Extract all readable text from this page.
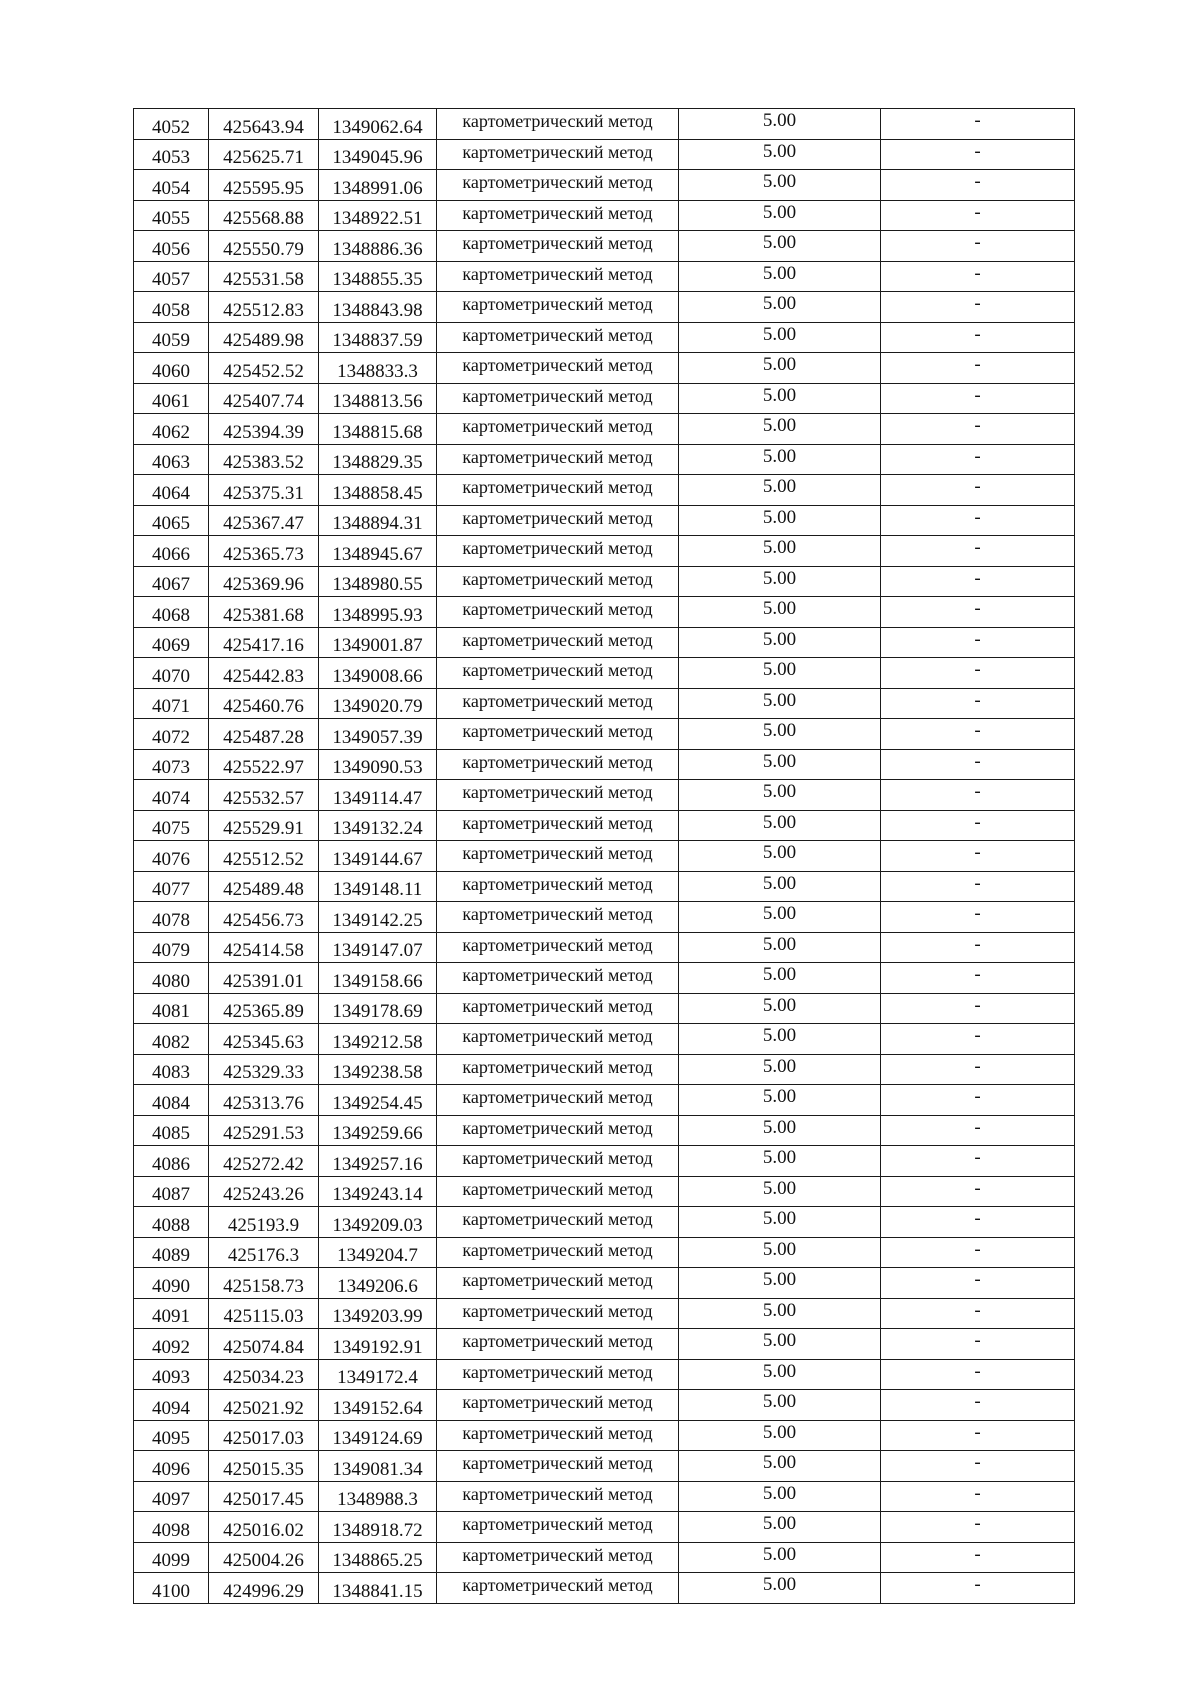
4052	425643.94	1349062.64	картометрический метод	5.00	-
4053	425625.71	1349045.96	картометрический метод	5.00	-
4054	425595.95	1348991.06	картометрический метод	5.00	-
4055	425568.88	1348922.51	картометрический метод	5.00	-
4056	425550.79	1348886.36	картометрический метод	5.00	-
4057	425531.58	1348855.35	картометрический метод	5.00	-
4058	425512.83	1348843.98	картометрический метод	5.00	-
4059	425489.98	1348837.59	картометрический метод	5.00	-
4060	425452.52	1348833.3	картометрический метод	5.00	-
4061	425407.74	1348813.56	картометрический метод	5.00	-
4062	425394.39	1348815.68	картометрический метод	5.00	-
4063	425383.52	1348829.35	картометрический метод	5.00	-
4064	425375.31	1348858.45	картометрический метод	5.00	-
4065	425367.47	1348894.31	картометрический метод	5.00	-
4066	425365.73	1348945.67	картометрический метод	5.00	-
4067	425369.96	1348980.55	картометрический метод	5.00	-
4068	425381.68	1348995.93	картометрический метод	5.00	-
4069	425417.16	1349001.87	картометрический метод	5.00	-
4070	425442.83	1349008.66	картометрический метод	5.00	-
4071	425460.76	1349020.79	картометрический метод	5.00	-
4072	425487.28	1349057.39	картометрический метод	5.00	-
4073	425522.97	1349090.53	картометрический метод	5.00	-
4074	425532.57	1349114.47	картометрический метод	5.00	-
4075	425529.91	1349132.24	картометрический метод	5.00	-
4076	425512.52	1349144.67	картометрический метод	5.00	-
4077	425489.48	1349148.11	картометрический метод	5.00	-
4078	425456.73	1349142.25	картометрический метод	5.00	-
4079	425414.58	1349147.07	картометрический метод	5.00	-
4080	425391.01	1349158.66	картометрический метод	5.00	-
4081	425365.89	1349178.69	картометрический метод	5.00	-
4082	425345.63	1349212.58	картометрический метод	5.00	-
4083	425329.33	1349238.58	картометрический метод	5.00	-
4084	425313.76	1349254.45	картометрический метод	5.00	-
4085	425291.53	1349259.66	картометрический метод	5.00	-
4086	425272.42	1349257.16	картометрический метод	5.00	-
4087	425243.26	1349243.14	картометрический метод	5.00	-
4088	425193.9	1349209.03	картометрический метод	5.00	-
4089	425176.3	1349204.7	картометрический метод	5.00	-
4090	425158.73	1349206.6	картометрический метод	5.00	-
4091	425115.03	1349203.99	картометрический метод	5.00	-
4092	425074.84	1349192.91	картометрический метод	5.00	-
4093	425034.23	1349172.4	картометрический метод	5.00	-
4094	425021.92	1349152.64	картометрический метод	5.00	-
4095	425017.03	1349124.69	картометрический метод	5.00	-
4096	425015.35	1349081.34	картометрический метод	5.00	-
4097	425017.45	1348988.3	картометрический метод	5.00	-
4098	425016.02	1348918.72	картометрический метод	5.00	-
4099	425004.26	1348865.25	картометрический метод	5.00	-
4100	424996.29	1348841.15	картометрический метод	5.00	-
